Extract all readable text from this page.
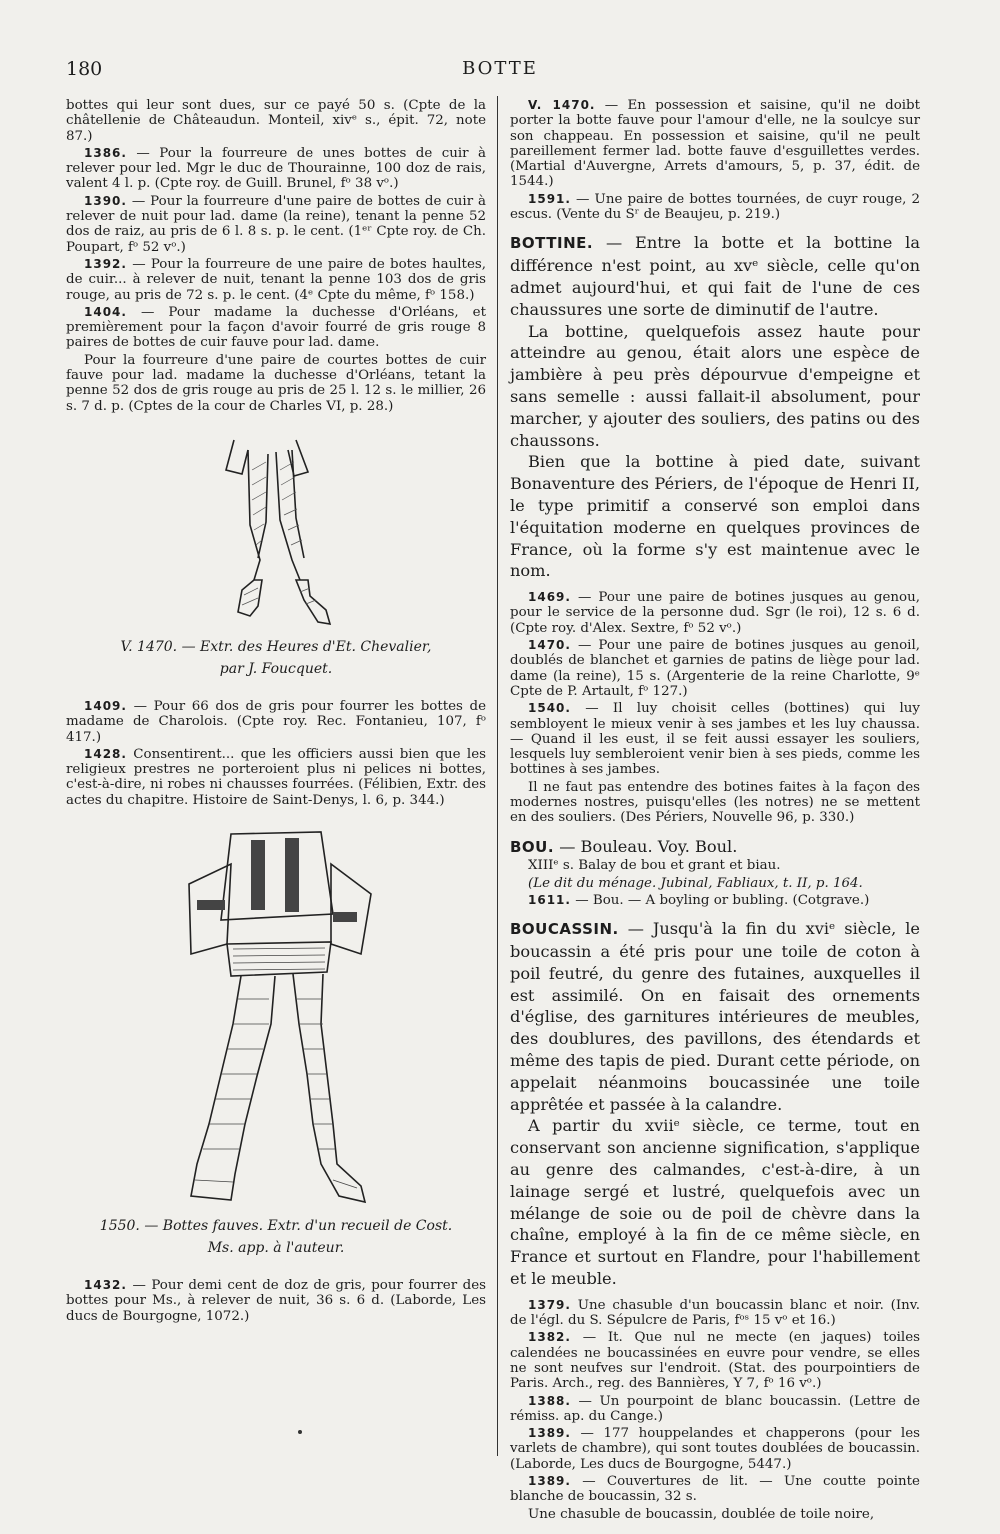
180	BOTTE

bottes qui leur sont dues, sur ce payé 50 s. (Cpte de la châtellenie de Châteaudun. Monteil, xivᵉ s., épit. 72, note 87.)

1386. — Pour la fourreure de unes bottes de cuir à relever pour led. Mgr le duc de Thourainne, 100 doz de rais, valent 4 l. p. (Cpte roy. de Guill. Brunel, fᵒ 38 vᵒ.)

1390. — Pour la fourreure d'une paire de bottes de cuir à relever de nuit pour lad. dame (la reine), tenant la penne 52 dos de raiz, au pris de 6 l. 8 s. p. le cent. (1ᵉʳ Cpte roy. de Ch. Poupart, fᵒ 52 vᵒ.)

1392. — Pour la fourreure de une paire de botes haultes, de cuir... à relever de nuit, tenant la penne 103 dos de gris rouge, au pris de 72 s. p. le cent. (4ᵉ Cpte du même, fᵒ 158.)

1404. — Pour madame la duchesse d'Orléans, et premièrement pour la façon d'avoir fourré de gris rouge 8 paires de bottes de cuir fauve pour lad. dame.

Pour la fourreure d'une paire de courtes bottes de cuir fauve pour lad. madame la duchesse d'Orléans, tetant la penne 52 dos de gris rouge au pris de 25 l. 12 s. le millier, 26 s. 7 d. p. (Cptes de la cour de Charles VI, p. 28.)

V. 1470. — Extr. des Heures d'Et. Chevalier,

par J. Foucquet.

1409. — Pour 66 dos de gris pour fourrer les bottes de madame de Charolois. (Cpte roy. Rec. Fontanieu, 107, fᵒ 417.)

1428. Consentirent... que les officiers aussi bien que les religieux prestres ne porteroient plus ni pelices ni bottes, c'est-à-dire, ni robes ni chausses fourrées. (Félibien, Extr. des actes du chapitre. Histoire de Saint-Denys, l. 6, p. 344.)

1550. — Bottes fauves. Extr. d'un recueil de Cost.

Ms. app. à l'auteur.

1432. — Pour demi cent de doz de gris, pour fourrer des bottes pour Ms., à relever de nuit, 36 s. 6 d. (Laborde, Les ducs de Bourgogne, 1072.)

V. 1470. — En possession et saisine, qu'il ne doibt porter la botte fauve pour l'amour d'elle, ne la soulcye sur son chappeau. En possession et saisine, qu'il ne peult pareillement fermer lad. botte fauve d'esguillettes verdes. (Martial d'Auvergne, Arrets d'amours, 5, p. 37, édit. de 1544.)

1591. — Une paire de bottes tournées, de cuyr rouge, 2 escus. (Vente du Sʳ de Beaujeu, p. 219.)

BOTTINE. — Entre la botte et la bottine la différence n'est point, au xvᵉ siècle, celle qu'on admet aujourd'hui, et qui fait de l'une de ces chaussures une sorte de diminutif de l'autre.

La bottine, quelquefois assez haute pour atteindre au genou, était alors une espèce de jambière à peu près dépourvue d'empeigne et sans semelle : aussi fallait-il absolument, pour marcher, y ajouter des souliers, des patins ou des chaussons.

Bien que la bottine à pied date, suivant Bonaventure des Périers, de l'époque de Henri II, le type primitif a conservé son emploi dans l'équitation moderne en quelques provinces de France, où la forme s'y est maintenue avec le nom.

1469. — Pour une paire de botines jusques au genou, pour le service de la personne dud. Sgr (le roi), 12 s. 6 d. (Cpte roy. d'Alex. Sextre, fᵒ 52 vᵒ.)

1470. — Pour une paire de botines jusques au genoil, doublés de blanchet et garnies de patins de liège pour lad. dame (la reine), 15 s. (Argenterie de la reine Charlotte, 9ᵉ Cpte de P. Artault, fᵒ 127.)

1540. — Il luy choisit celles (bottines) qui luy sembloyent le mieux venir à ses jambes et les luy chaussa. — Quand il les eust, il se feit aussi essayer les souliers, lesquels luy sembleroient venir bien à ses pieds, comme les bottines à ses jambes.

Il ne faut pas entendre des botines faites à la façon des modernes nostres, puisqu'elles (les notres) ne se mettent en des souliers. (Des Périers, Nouvelle 96, p. 330.)

BOU. — Bouleau. Voy. Boul.

XIIIᵉ s. Balay de bou et grant et biau.

(Le dit du ménage. Jubinal, Fabliaux, t. II, p. 164.

1611. — Bou. — A boyling or bubling. (Cotgrave.)

BOUCASSIN. — Jusqu'à la fin du xviᵉ siècle, le boucassin a été pris pour une toile de coton à poil feutré, du genre des futaines, auxquelles il est assimilé. On en faisait des ornements d'église, des garnitures intérieures de meubles, des doublures, des pavillons, des étendards et même des tapis de pied. Durant cette période, on appelait néanmoins boucassinée une toile apprêtée et passée à la calandre.

A partir du xviiᵉ siècle, ce terme, tout en conservant son ancienne signification, s'applique au genre des calmandes, c'est-à-dire, à un lainage sergé et lustré, quelquefois avec un mélange de soie ou de poil de chèvre dans la chaîne, employé à la fin de ce même siècle, en France et surtout en Flandre, pour l'habillement et le meuble.

1379. Une chasuble d'un boucassin blanc et noir. (Inv. de l'égl. du S. Sépulcre de Paris, fᵒˢ 15 vᵒ et 16.)

1382. — It. Que nul ne mecte (en jaques) toiles calendées ne boucassinées en euvre pour vendre, se elles ne sont neufves sur l'endroit. (Stat. des pourpointiers de Paris. Arch., reg. des Bannières, Y 7, fᵒ 16 vᵒ.)

1388. — Un pourpoint de blanc boucassin. (Lettre de rémiss. ap. du Cange.)

1389. — 177 houppelandes et chapperons (pour les varlets de chambre), qui sont toutes doublées de boucassin. (Laborde, Les ducs de Bourgogne, 5447.)

1389. — Couvertures de lit. — Une coutte pointe blanche de boucassin, 32 s.

Une chasuble de boucassin, doublée de toile noire,
